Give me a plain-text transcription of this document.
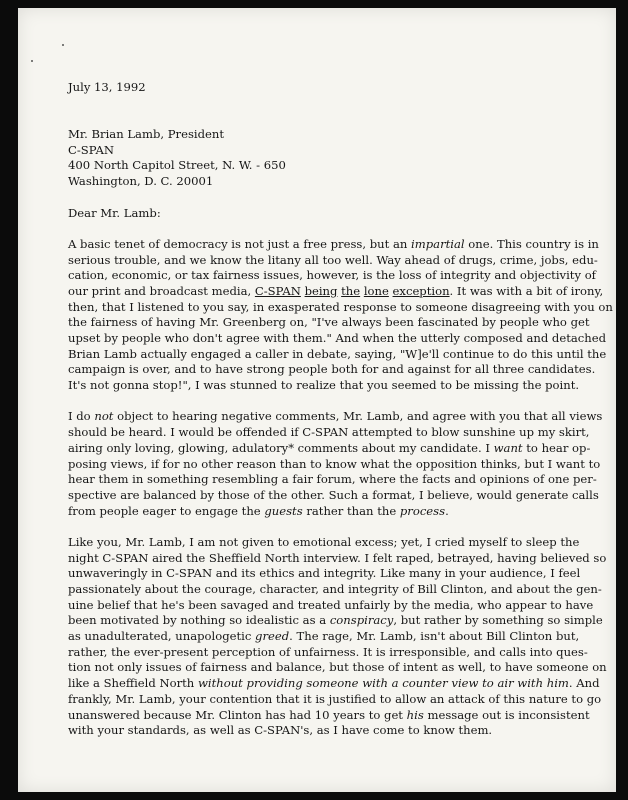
July 13, 1992
Mr. Brian Lamb, President
C-SPAN
400 North Capitol Street, N. W. - 650
Washington, D. C. 20001
Dear Mr. Lamb:
A basic tenet of democracy is not just a free press, but an impartial one. This country is in
serious trouble, and we know the litany all too well. Way ahead of drugs, crime, jobs, edu-
cation, economic, or tax fairness issues, however, is the loss of integrity and objectivity of
our print and broadcast media, C-SPAN being the lone exception. It was with a bit of irony,
then, that I listened to you say, in exasperated response to someone disagreeing with you on
the fairness of having Mr. Greenberg on, "I've always been fascinated by people who get
upset by people who don't agree with them." And when the utterly composed and detached
Brian Lamb actually engaged a caller in debate, saying, "W]e'll continue to do this until the
campaign is over, and to have strong people both for and against for all three candidates.
It's not gonna stop!", I was stunned to realize that you seemed to be missing the point.
I do not object to hearing negative comments, Mr. Lamb, and agree with you that all views
should be heard. I would be offended if C-SPAN attempted to blow sunshine up my skirt,
airing only loving, glowing, adulatory* comments about my candidate. I want to hear op-
posing views, if for no other reason than to know what the opposition thinks, but I want to
hear them in something resembling a fair forum, where the facts and opinions of one per-
spective are balanced by those of the other. Such a format, I believe, would generate calls
from people eager to engage the guests rather than the process.
Like you, Mr. Lamb, I am not given to emotional excess; yet, I cried myself to sleep the
night C-SPAN aired the Sheffield North interview. I felt raped, betrayed, having believed so
unwaveringly in C-SPAN and its ethics and integrity. Like many in your audience, I feel
passionately about the courage, character, and integrity of Bill Clinton, and about the gen-
uine belief that he's been savaged and treated unfairly by the media, who appear to have
been motivated by nothing so idealistic as a conspiracy, but rather by something so simple
as unadulterated, unapologetic greed. The rage, Mr. Lamb, isn't about Bill Clinton but,
rather, the ever-present perception of unfairness. It is irresponsible, and calls into ques-
tion not only issues of fairness and balance, but those of intent as well, to have someone on
like a Sheffield North without providing someone with a counter view to air with him. And
frankly, Mr. Lamb, your contention that it is justified to allow an attack of this nature to go
unanswered because Mr. Clinton has had 10 years to get his message out is inconsistent
with your standards, as well as C-SPAN's, as I have come to know them.
